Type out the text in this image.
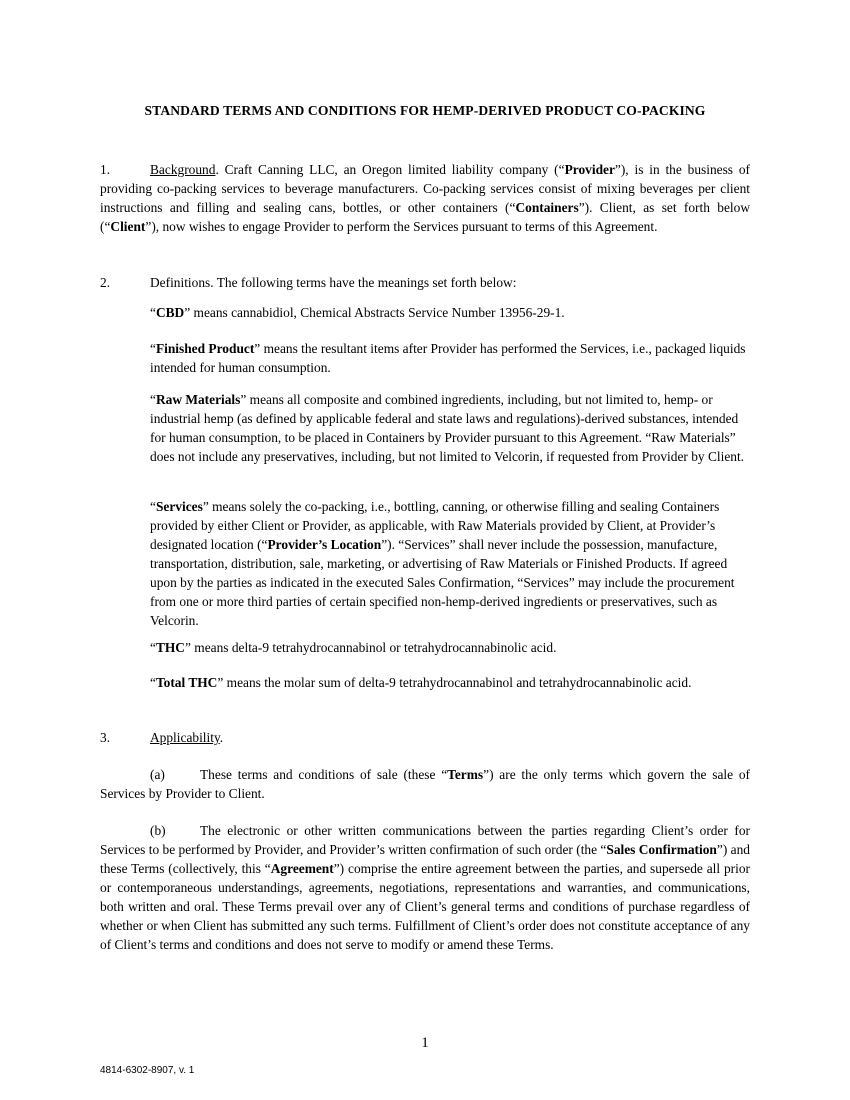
STANDARD TERMS AND CONDITIONS FOR HEMP-DERIVED PRODUCT CO-PACKING

1.	Background. Craft Canning LLC, an Oregon limited liability company (“Provider”), is in the business of providing co-packing services to beverage manufacturers. Co-packing services consist of mixing beverages per client instructions and filling and sealing cans, bottles, or other containers (“Containers”). Client, as set forth below (“Client”), now wishes to engage Provider to perform the Services pursuant to terms of this Agreement.

2.	Definitions. The following terms have the meanings set forth below:

“CBD” means cannabidiol, Chemical Abstracts Service Number 13956-29-1.

“Finished Product” means the resultant items after Provider has performed the Services, i.e., packaged liquids intended for human consumption.

“Raw Materials” means all composite and combined ingredients, including, but not limited to, hemp- or industrial hemp (as defined by applicable federal and state laws and regulations)-derived substances, intended for human consumption, to be placed in Containers by Provider pursuant to this Agreement. “Raw Materials” does not include any preservatives, including, but not limited to Velcorin, if requested from Provider by Client.

“Services” means solely the co-packing, i.e., bottling, canning, or otherwise filling and sealing Containers provided by either Client or Provider, as applicable, with Raw Materials provided by Client, at Provider’s designated location (“Provider’s Location”). “Services” shall never include the possession, manufacture, transportation, distribution, sale, marketing, or advertising of Raw Materials or Finished Products. If agreed upon by the parties as indicated in the executed Sales Confirmation, “Services” may include the procurement from one or more third parties of certain specified non-hemp-derived ingredients or preservatives, such as Velcorin.

“THC” means delta-9 tetrahydrocannabinol or tetrahydrocannabinolic acid.

“Total THC” means the molar sum of delta-9 tetrahydrocannabinol and tetrahydrocannabinolic acid.

3.	Applicability.

(a)	These terms and conditions of sale (these “Terms”) are the only terms which govern the sale of Services by Provider to Client.

(b)	The electronic or other written communications between the parties regarding Client’s order for Services to be performed by Provider, and Provider’s written confirmation of such order (the “Sales Confirmation”) and these Terms (collectively, this “Agreement”) comprise the entire agreement between the parties, and supersede all prior or contemporaneous understandings, agreements, negotiations, representations and warranties, and communications, both written and oral. These Terms prevail over any of Client’s general terms and conditions of purchase regardless of whether or when Client has submitted any such terms. Fulfillment of Client’s order does not constitute acceptance of any of Client’s terms and conditions and does not serve to modify or amend these Terms.

1
4814-6302-8907, v. 1
